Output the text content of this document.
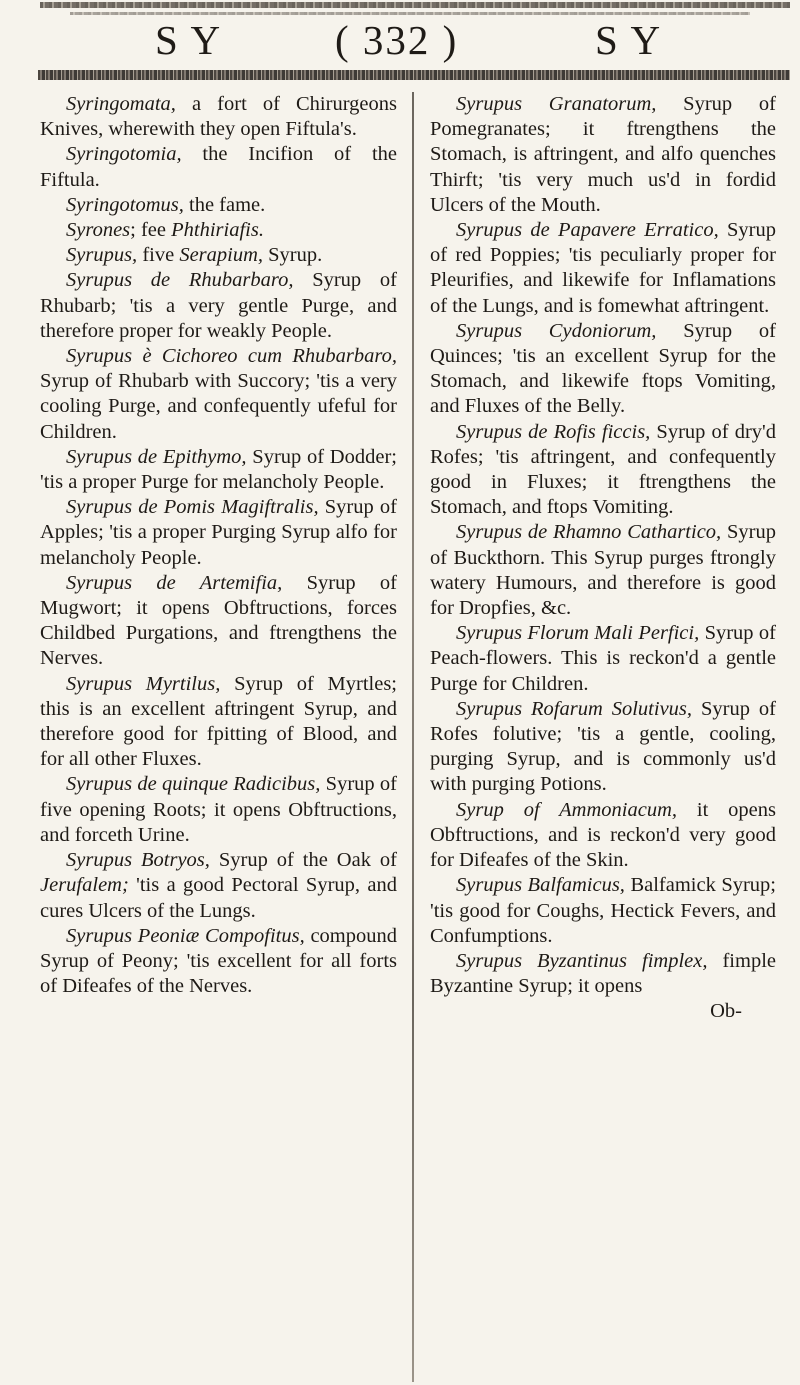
S Y	( 332 )	S Y

Syringomata, a fort of Chirurgeons Knives, wherewith they open Fiftula's.

Syringotomia, the Incifion of the Fiftula.

Syringotomus, the fame.

Syrones; fee Phthiriafis.

Syrupus, five Serapium, Syrup.

Syrupus de Rhubarbaro, Syrup of Rhubarb; 'tis a very gentle Purge, and therefore proper for weakly People.

Syrupus è Cichoreo cum Rhubarbaro, Syrup of Rhubarb with Succory; 'tis a very cooling Purge, and confequently ufeful for Children.

Syrupus de Epithymo, Syrup of Dodder; 'tis a proper Purge for melancholy People.

Syrupus de Pomis Magiftralis, Syrup of Apples; 'tis a proper Purging Syrup alfo for melancholy People.

Syrupus de Artemifia, Syrup of Mugwort; it opens Obftructions, forces Childbed Purgations, and ftrengthens the Nerves.

Syrupus Myrtilus, Syrup of Myrtles; this is an excellent aftringent Syrup, and therefore good for fpitting of Blood, and for all other Fluxes.

Syrupus de quinque Radicibus, Syrup of five opening Roots; it opens Obftructions, and forceth Urine.

Syrupus Botryos, Syrup of the Oak of Jerufalem; 'tis a good Pectoral Syrup, and cures Ulcers of the Lungs.

Syrupus Peoniæ Compofitus, compound Syrup of Peony; 'tis excellent for all forts of Difeafes of the Nerves.

Syrupus Granatorum, Syrup of Pomegranates; it ftrengthens the Stomach, is aftringent, and alfo quenches Thirft; 'tis very much us'd in fordid Ulcers of the Mouth.

Syrupus de Papavere Erratico, Syrup of red Poppies; 'tis peculiarly proper for Pleurifies, and likewife for Inflamations of the Lungs, and is fomewhat aftringent.

Syrupus Cydoniorum, Syrup of Quinces; 'tis an excellent Syrup for the Stomach, and likewife ftops Vomiting, and Fluxes of the Belly.

Syrupus de Rofis ficcis, Syrup of dry'd Rofes; 'tis aftringent, and confequently good in Fluxes; it ftrengthens the Stomach, and ftops Vomiting.

Syrupus de Rhamno Cathartico, Syrup of Buckthorn. This Syrup purges ftrongly watery Humours, and therefore is good for Dropfies, &c.

Syrupus Florum Mali Perfici, Syrup of Peach-flowers. This is reckon'd a gentle Purge for Children.

Syrupus Rofarum Solutivus, Syrup of Rofes folutive; 'tis a gentle, cooling, purging Syrup, and is commonly us'd with purging Potions.

Syrup of Ammoniacum, it opens Obftructions, and is reckon'd very good for Difeafes of the Skin.

Syrupus Balfamicus, Balfamick Syrup; 'tis good for Coughs, Hectick Fevers, and Confumptions.

Syrupus Byzantinus fimplex, fimple Byzantine Syrup; it opens

Ob-
